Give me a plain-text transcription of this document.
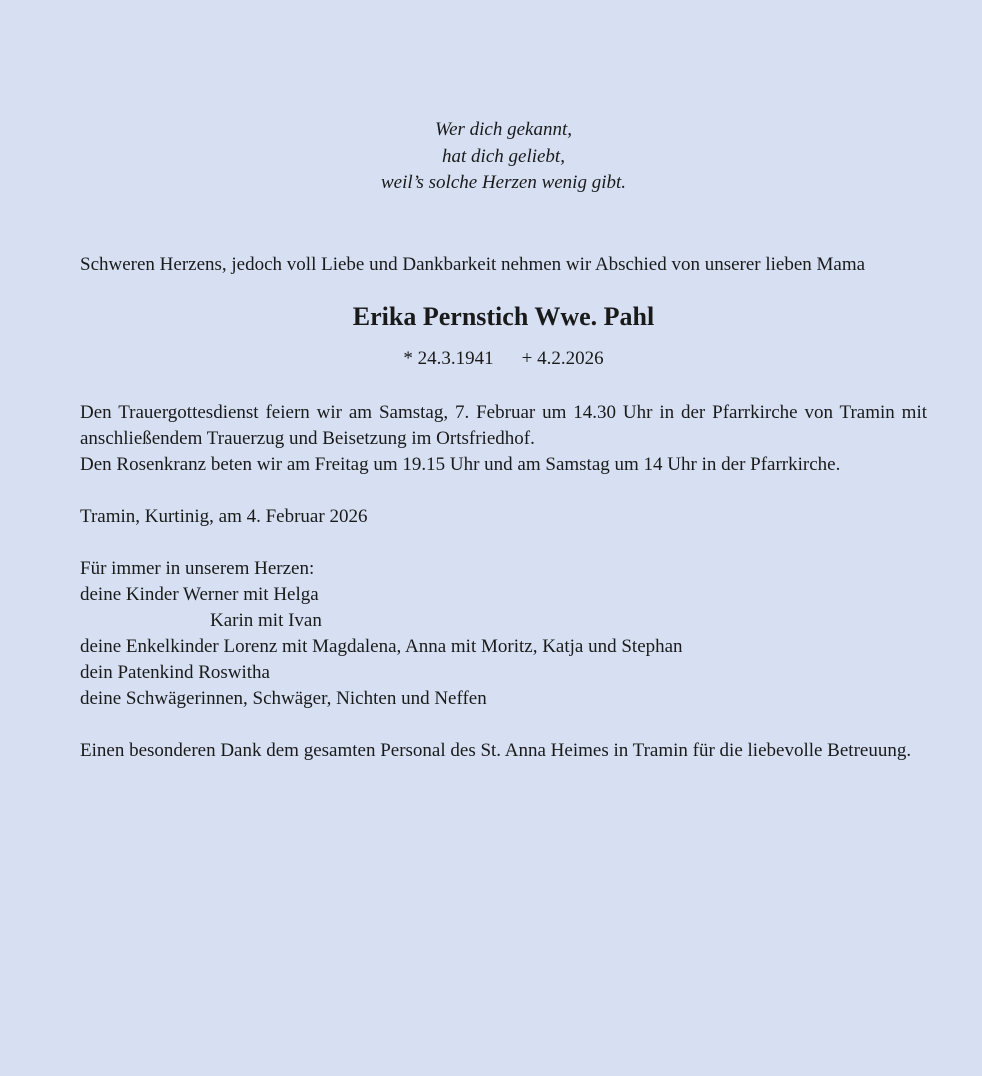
Wer dich gekannt,

hat dich geliebt,

weil’s solche Herzen wenig gibt.

Schweren Herzens, jedoch voll Liebe und Dankbarkeit nehmen wir Abschied von unserer lieben Mama

Erika Pernstich Wwe. Pahl

* 24.3.1941 + 4.2.2026

Den Trauergottesdienst feiern wir am Samstag, 7. Februar um 14.30 Uhr in der Pfarrkirche von Tramin mit anschließendem Trauerzug und Beisetzung im Ortsfriedhof.

Den Rosenkranz beten wir am Freitag um 19.15 Uhr und am Samstag um 14 Uhr in der Pfarrkirche.

Tramin, Kurtinig, am 4. Februar 2026

Für immer in unserem Herzen:
deine Kinder Werner mit Helga
Karin mit Ivan
deine Enkelkinder Lorenz mit Magdalena, Anna mit Moritz, Katja und Stephan
dein Patenkind Roswitha
deine Schwägerinnen, Schwäger, Nichten und Neffen

Einen besonderen Dank dem gesamten Personal des St. Anna Heimes in Tramin für die liebevolle Betreuung.
